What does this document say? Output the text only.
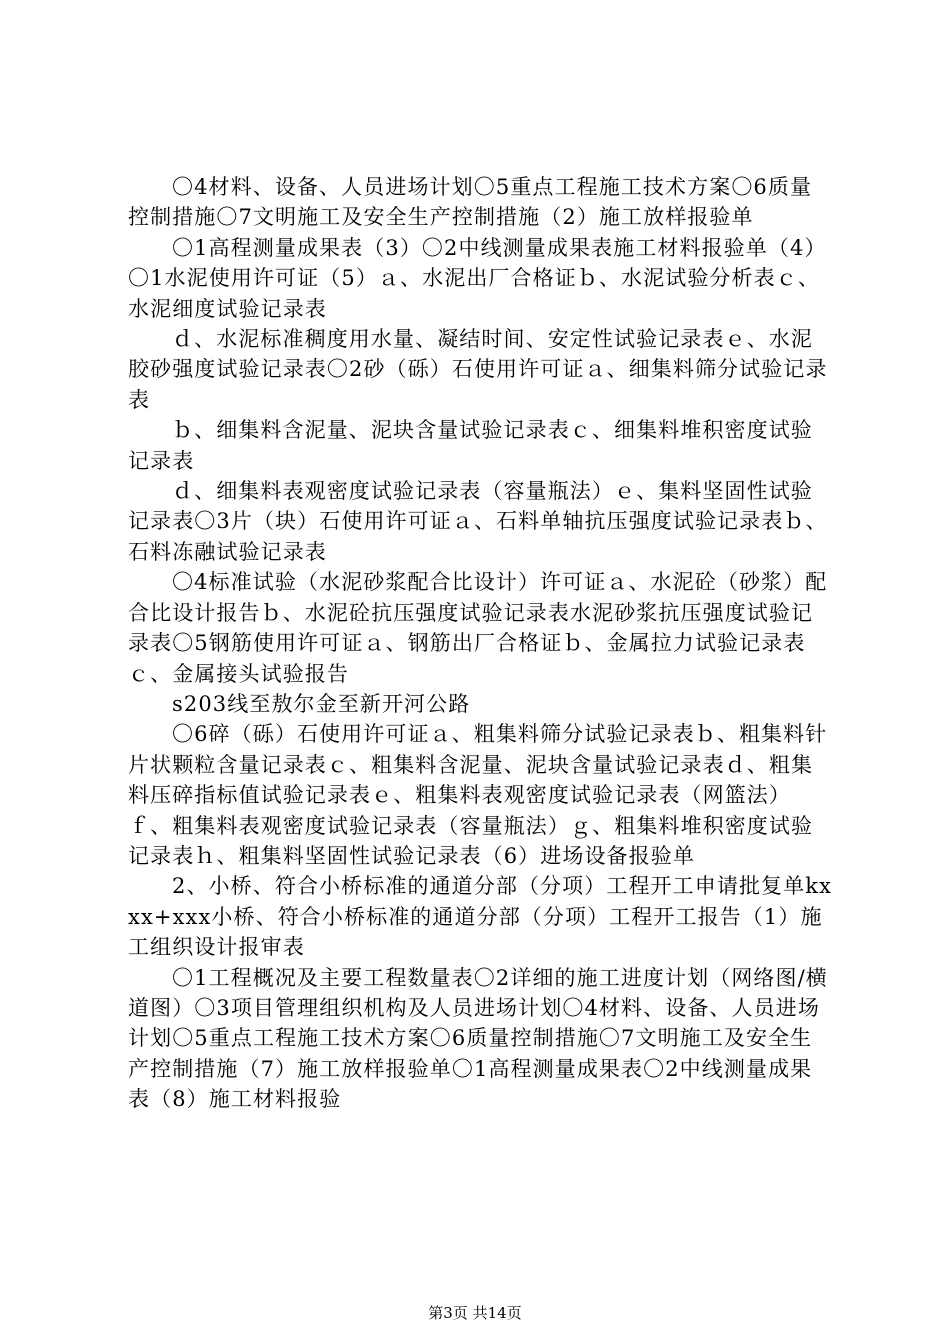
〇4材料、设备、人员进场计划〇5重点工程施工技术方案〇6质量控制措施〇7文明施工及安全生产控制措施（2）施工放样报验单

〇1高程测量成果表（3）〇2中线测量成果表施工材料报验单（4）〇1水泥使用许可证（5）ａ、水泥出厂合格证ｂ、水泥试验分析表ｃ、水泥细度试验记录表

ｄ、水泥标准稠度用水量、凝结时间、安定性试验记录表ｅ、水泥胶砂强度试验记录表〇2砂（砾）石使用许可证ａ、细集料筛分试验记录表

ｂ、细集料含泥量、泥块含量试验记录表ｃ、细集料堆积密度试验记录表

ｄ、细集料表观密度试验记录表（容量瓶法）ｅ、集料坚固性试验记录表〇3片（块）石使用许可证ａ、石料单轴抗压强度试验记录表ｂ、石料冻融试验记录表

〇4标准试验（水泥砂浆配合比设计）许可证ａ、水泥砼（砂浆）配合比设计报告ｂ、水泥砼抗压强度试验记录表水泥砂浆抗压强度试验记录表〇5钢筋使用许可证ａ、钢筋出厂合格证ｂ、金属拉力试验记录表ｃ、金属接头试验报告

s203线至敖尔金至新开河公路

〇6碎（砾）石使用许可证ａ、粗集料筛分试验记录表ｂ、粗集料针片状颗粒含量记录表ｃ、粗集料含泥量、泥块含量试验记录表ｄ、粗集料压碎指标值试验记录表ｅ、粗集料表观密度试验记录表（网篮法）ｆ、粗集料表观密度试验记录表（容量瓶法）ｇ、粗集料堆积密度试验记录表ｈ、粗集料坚固性试验记录表（6）进场设备报验单

2、小桥、符合小桥标准的通道分部（分项）工程开工申请批复单kxxx+xxx小桥、符合小桥标准的通道分部（分项）工程开工报告（1）施工组织设计报审表

〇1工程概况及主要工程数量表〇2详细的施工进度计划（网络图/横道图）〇3项目管理组织机构及人员进场计划〇4材料、设备、人员进场计划〇5重点工程施工技术方案〇6质量控制措施〇7文明施工及安全生产控制措施（7）施工放样报验单〇1高程测量成果表〇2中线测量成果表（8）施工材料报验

第3页 共14页
